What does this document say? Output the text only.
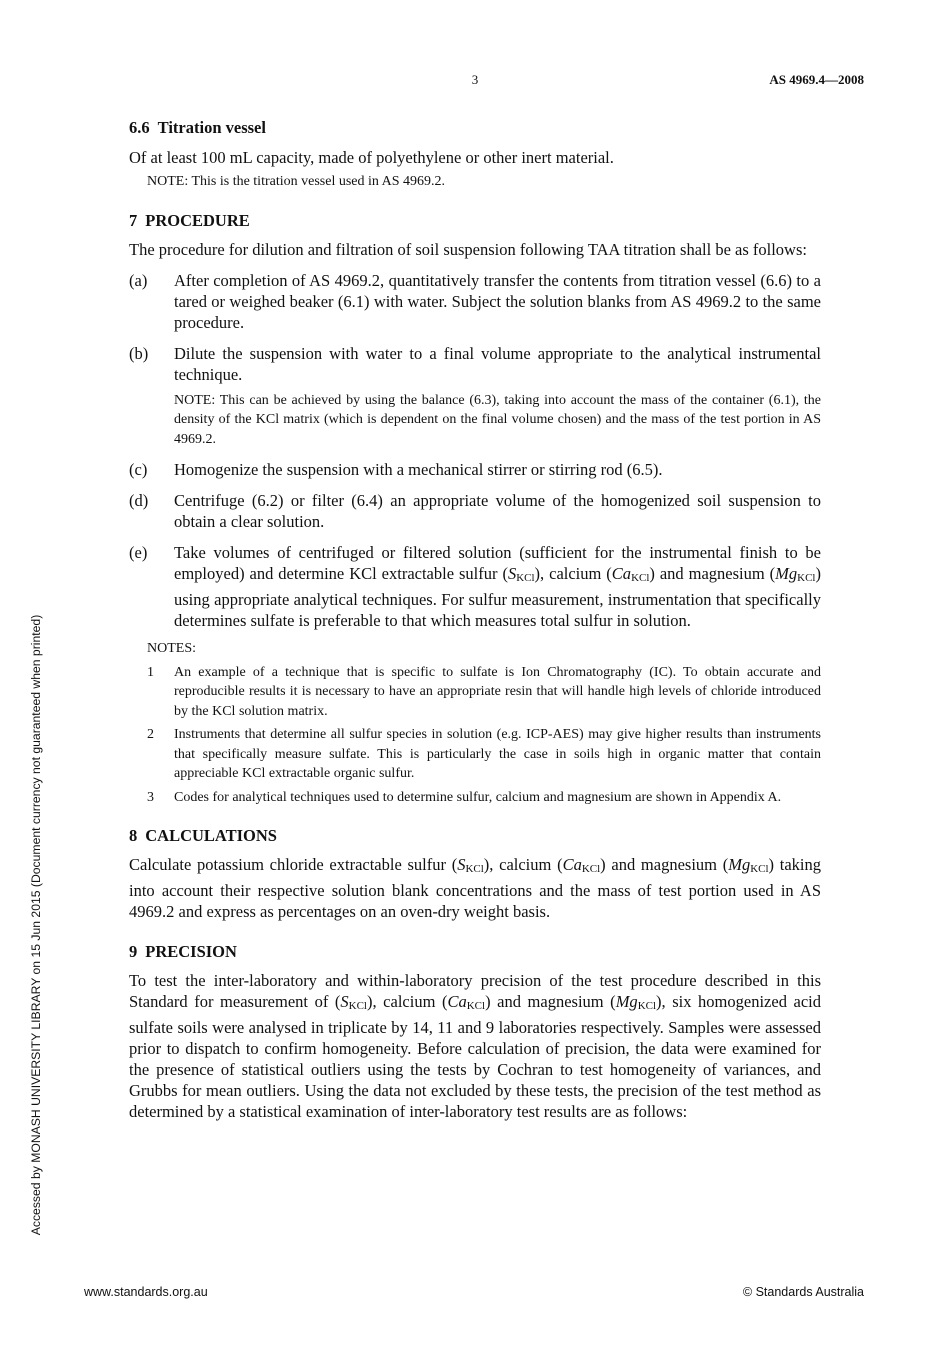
3	AS 4969.4—2008
Accessed by MONASH UNIVERSITY LIBRARY on 15 Jun 2015 (Document currency not guaranteed when printed)
6.6 Titration vessel

Of at least 100 mL capacity, made of polyethylene or other inert material.

NOTE: This is the titration vessel used in AS 4969.2.

7 PROCEDURE

The procedure for dilution and filtration of soil suspension following TAA titration shall be as follows:

(a)	After completion of AS 4969.2, quantitatively transfer the contents from titration vessel (6.6) to a tared or weighed beaker (6.1) with water. Subject the solution blanks from AS 4969.2 to the same procedure.

(b)	Dilute the suspension with water to a final volume appropriate to the analytical instrumental technique.

NOTE: This can be achieved by using the balance (6.3), taking into account the mass of the container (6.1), the density of the KCl matrix (which is dependent on the final volume chosen) and the mass of the test portion in AS 4969.2.
(c)	Homogenize the suspension with a mechanical stirrer or stirring rod (6.5).

(d)	Centrifuge (6.2) or filter (6.4) an appropriate volume of the homogenized soil suspension to obtain a clear solution.

(e)	Take volumes of centrifuged or filtered solution (sufficient for the instrumental finish to be employed) and determine KCl extractable sulfur (SKCl), calcium (CaKCl) and magnesium (MgKCl) using appropriate analytical techniques. For sulfur measurement, instrumentation that specifically determines sulfate is preferable to that which measures total sulfur in solution.

NOTES:
1	An example of a technique that is specific to sulfate is Ion Chromatography (IC). To obtain accurate and reproducible results it is necessary to have an appropriate resin that will handle high levels of chloride introduced by the KCl solution matrix.
2	Instruments that determine all sulfur species in solution (e.g. ICP-AES) may give higher results than instruments that specifically measure sulfate. This is particularly the case in soils high in organic matter that contain appreciable KCl extractable organic sulfur.
3	Codes for analytical techniques used to determine sulfur, calcium and magnesium are shown in Appendix A.
8 CALCULATIONS

Calculate potassium chloride extractable sulfur (SKCl), calcium (CaKCl) and magnesium (MgKCl) taking into account their respective solution blank concentrations and the mass of test portion used in AS 4969.2 and express as percentages on an oven-dry weight basis.

9 PRECISION

To test the inter-laboratory and within-laboratory precision of the test procedure described in this Standard for measurement of (SKCl), calcium (CaKCl) and magnesium (MgKCl), six homogenized acid sulfate soils were analysed in triplicate by 14, 11 and 9 laboratories respectively. Samples were assessed prior to dispatch to confirm homogeneity. Before calculation of precision, the data were examined for the presence of statistical outliers using the tests by Cochran to test homogeneity of variances, and Grubbs for mean outliers. Using the data not excluded by these tests, the precision of the test method as determined by a statistical examination of inter-laboratory test results are as follows:

www.standards.org.au	© Standards Australia
